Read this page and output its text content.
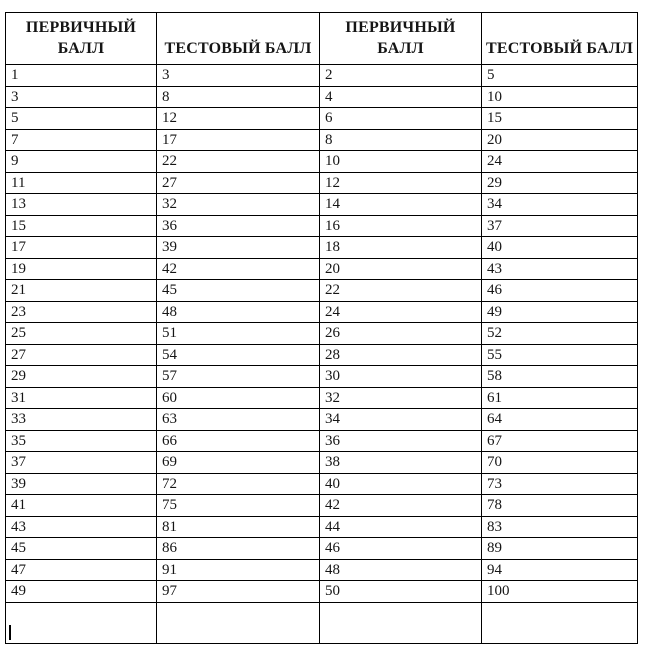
ПЕРВИЧНЫЙ БАЛЛ	ТЕСТОВЫЙ БАЛЛ	ПЕРВИЧНЫЙ БАЛЛ	ТЕСТОВЫЙ БАЛЛ
1	3	2	5
3	8	4	10
5	12	6	15
7	17	8	20
9	22	10	24
11	27	12	29
13	32	14	34
15	36	16	37
17	39	18	40
19	42	20	43
21	45	22	46
23	48	24	49
25	51	26	52
27	54	28	55
29	57	30	58
31	60	32	61
33	63	34	64
35	66	36	67
37	69	38	70
39	72	40	73
41	75	42	78
43	81	44	83
45	86	46	89
47	91	48	94
49	97	50	100
